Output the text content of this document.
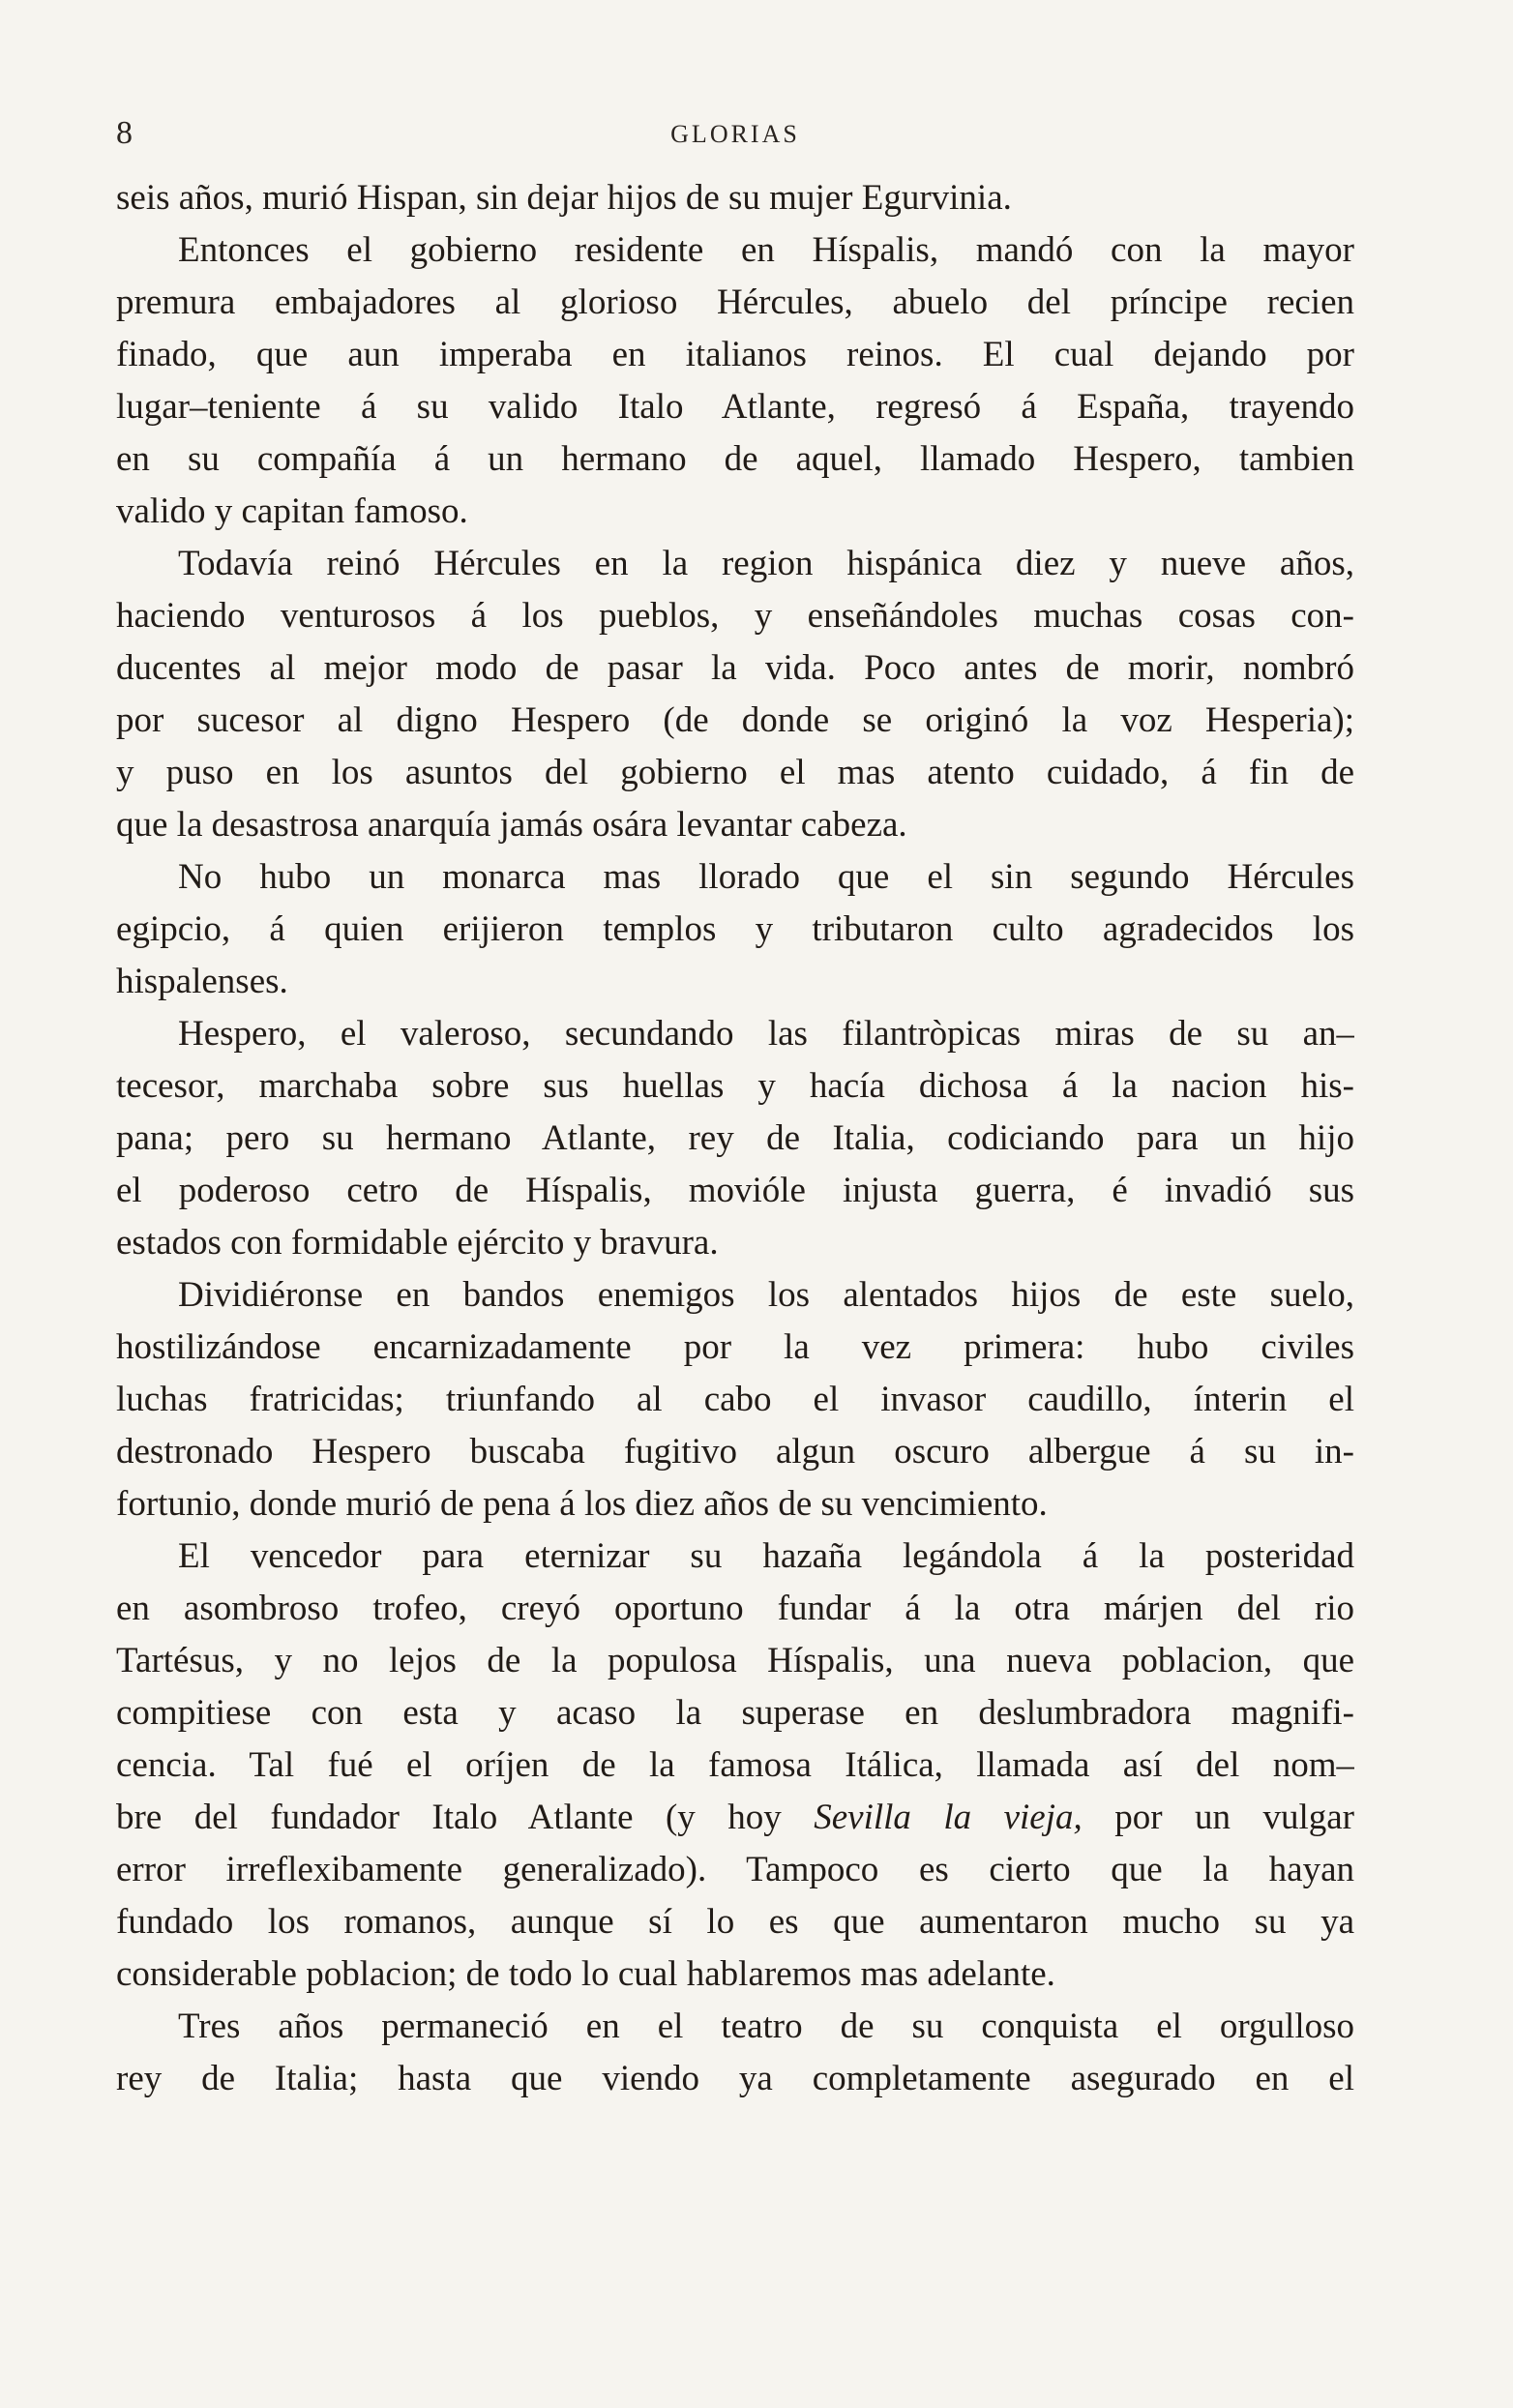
8	GLORIAS
seis años, murió Hispan, sin dejar hijos de su mujer Egurvinia.
Entonces el gobierno residente en Híspalis, mandó con la mayor
premura embajadores al glorioso Hércules, abuelo del príncipe recien
finado, que aun imperaba en italianos reinos. El cual dejando por
lugar–teniente á su valido Italo Atlante, regresó á España, trayendo
en su compañía á un hermano de aquel, llamado Hespero, tambien
valido y capitan famoso.
Todavía reinó Hércules en la region hispánica diez y nueve años,
haciendo venturosos á los pueblos, y enseñándoles muchas cosas con-
ducentes al mejor modo de pasar la vida. Poco antes de morir, nombró
por sucesor al digno Hespero (de donde se originó la voz Hesperia);
y puso en los asuntos del gobierno el mas atento cuidado, á fin de
que la desastrosa anarquía jamás osára levantar cabeza.
No hubo un monarca mas llorado que el sin segundo Hércules
egipcio, á quien erijieron templos y tributaron culto agradecidos los
hispalenses.
Hespero, el valeroso, secundando las filantròpicas miras de su an–
tecesor, marchaba sobre sus huellas y hacía dichosa á la nacion his-
pana; pero su hermano Atlante, rey de Italia, codiciando para un hijo
el poderoso cetro de Híspalis, movióle injusta guerra, é invadió sus
estados con formidable ejército y bravura.
Dividiéronse en bandos enemigos los alentados hijos de este suelo,
hostilizándose encarnizadamente por la vez primera: hubo civiles
luchas fratricidas; triunfando al cabo el invasor caudillo, ínterin el
destronado Hespero buscaba fugitivo algun oscuro albergue á su in-
fortunio, donde murió de pena á los diez años de su vencimiento.
El vencedor para eternizar su hazaña legándola á la posteridad
en asombroso trofeo, creyó oportuno fundar á la otra márjen del rio
Tartésus, y no lejos de la populosa Híspalis, una nueva poblacion, que
compitiese con esta y acaso la superase en deslumbradora magnifi-
cencia. Tal fué el oríjen de la famosa Itálica, llamada así del nom–
bre del fundador Italo Atlante (y hoy Sevilla la vieja, por un vulgar
error irreflexibamente generalizado). Tampoco es cierto que la hayan
fundado los romanos, aunque sí lo es que aumentaron mucho su ya
considerable poblacion; de todo lo cual hablaremos mas adelante.
Tres años permaneció en el teatro de su conquista el orgulloso
rey de Italia; hasta que viendo ya completamente asegurado en el
